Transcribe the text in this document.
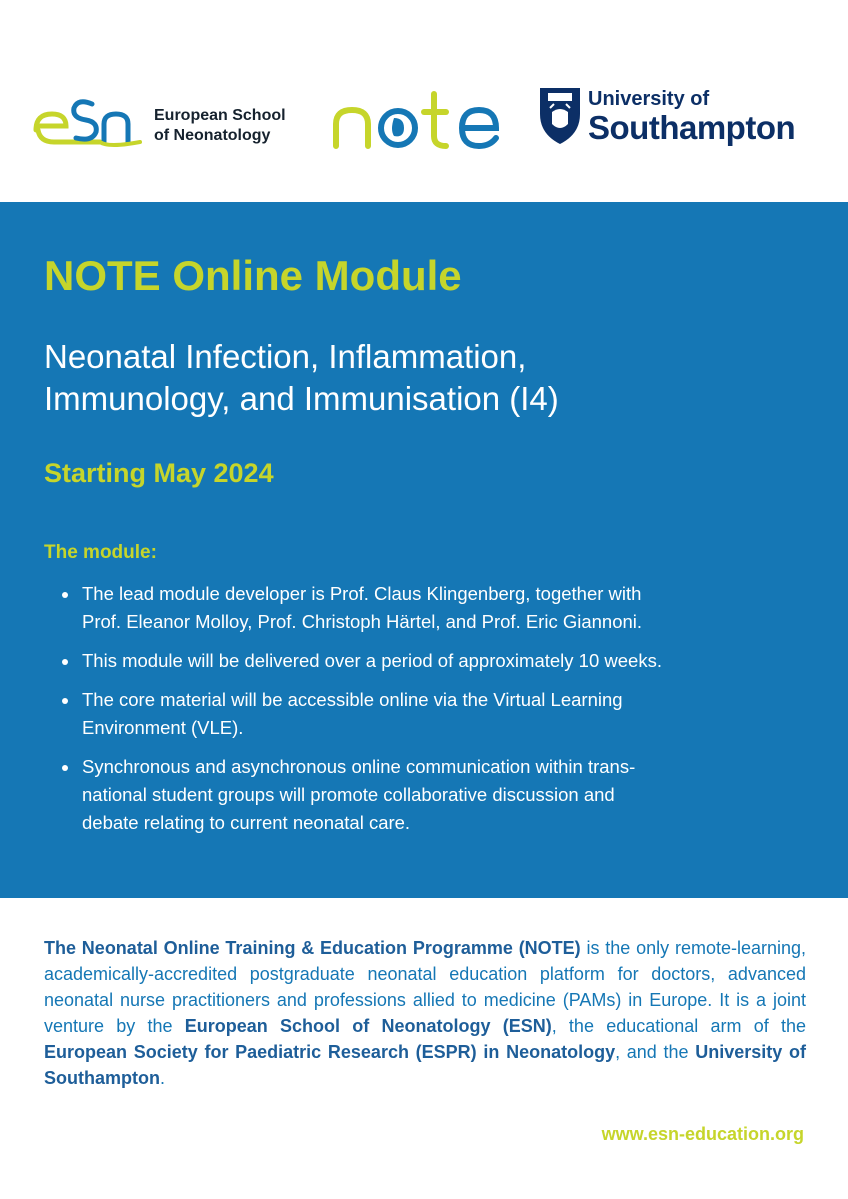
European School
of Neonatology
University of
Southampton
NOTE Online Module
Neonatal Infection, Inflammation,
Immunology, and Immunisation (I4)
Starting May 2024
The module:
The lead module developer is Prof. Claus Klingenberg, together with
Prof. Eleanor Molloy, Prof. Christoph Härtel, and Prof. Eric Giannoni.
This module will be delivered over a period of approximately 10 weeks.
The core material will be accessible online via the Virtual Learning
Environment (VLE).
Synchronous and asynchronous online communication within trans-
national student groups will promote collaborative discussion and
debate relating to current neonatal care.
The Neonatal Online Training & Education Programme (NOTE) is the only remote-learning, academically-accredited postgraduate neonatal education platform for doctors, advanced neonatal nurse practitioners and professions allied to medicine (PAMs) in Europe. It is a joint venture by the European School of Neonatology (ESN), the educational arm of the European Society for Paediatric Research (ESPR) in Neonatology, and the University of Southampton.
www.esn-education.org
